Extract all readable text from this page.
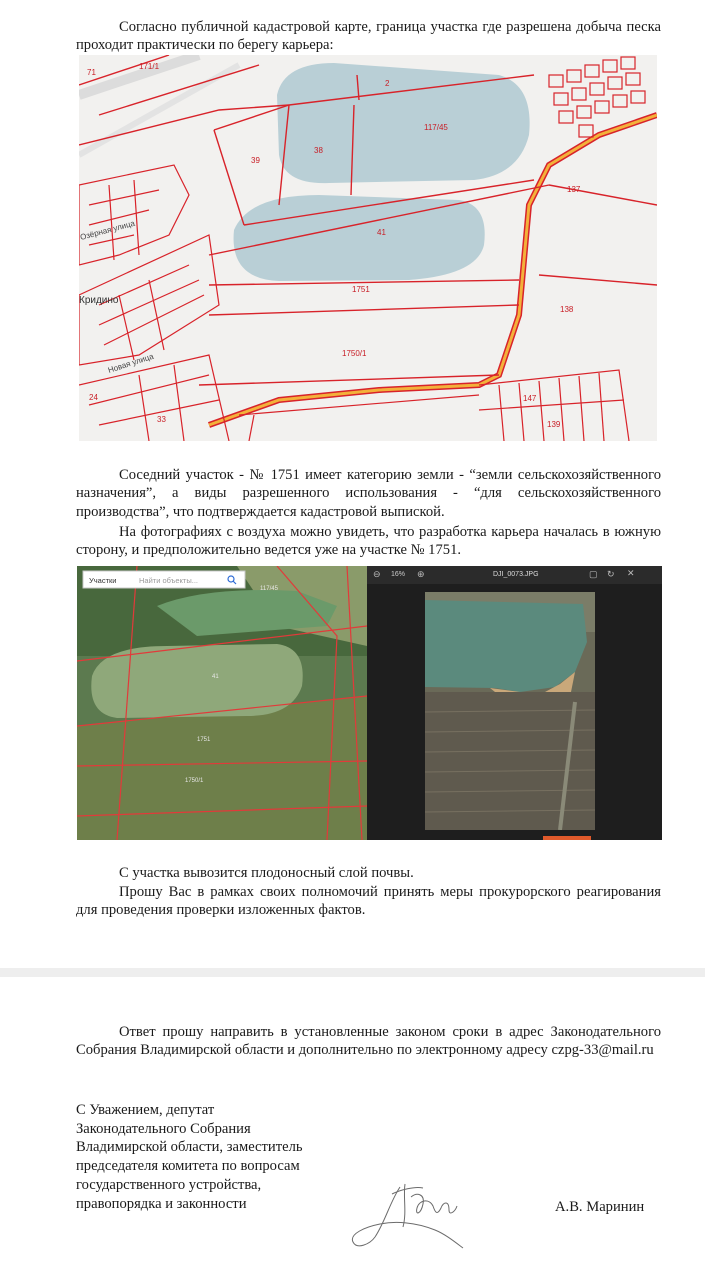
Согласно публичной кадастровой карте, граница участка где разрешена добыча песка проходит практически по берегу карьера:

171/1
2
117/45
39
38
41
137
1751
138
1750/1
24
33
147
139
71
Новая улица
Озёрная улица
Кридино

Соседний участок - № 1751 имеет категорию земли - “земли сельскохозяйственного назначения”, а виды разрешенного использования - “для сельскохозяйственного производства”, что подтверждается кадастровой выпиской.

На фотографиях с воздуха можно увидеть, что разработка карьера началась в южную сторону, и предположительно ведется уже на участке № 1751.

Участки	Найти объекты...
117/45
41
1751
1750/1
⊖ 16% ⊕	DJI_0073.JPG	▢ ↻ ✕

С участка вывозится плодоносный слой почвы.

Прошу Вас в рамках своих полномочий принять меры прокурорского реагирования для проведения проверки изложенных фактов.

Ответ прошу направить в установленные законом сроки в адрес Законодательного Собрания Владимирской области и дополнительно по электронному адресу czpg-33@mail.ru

С Уважением, депутат
Законодательного Собрания
Владимирской области, заместитель
председателя комитета по вопросам
государственного устройства,
правопорядка и законности	А.В. Маринин
